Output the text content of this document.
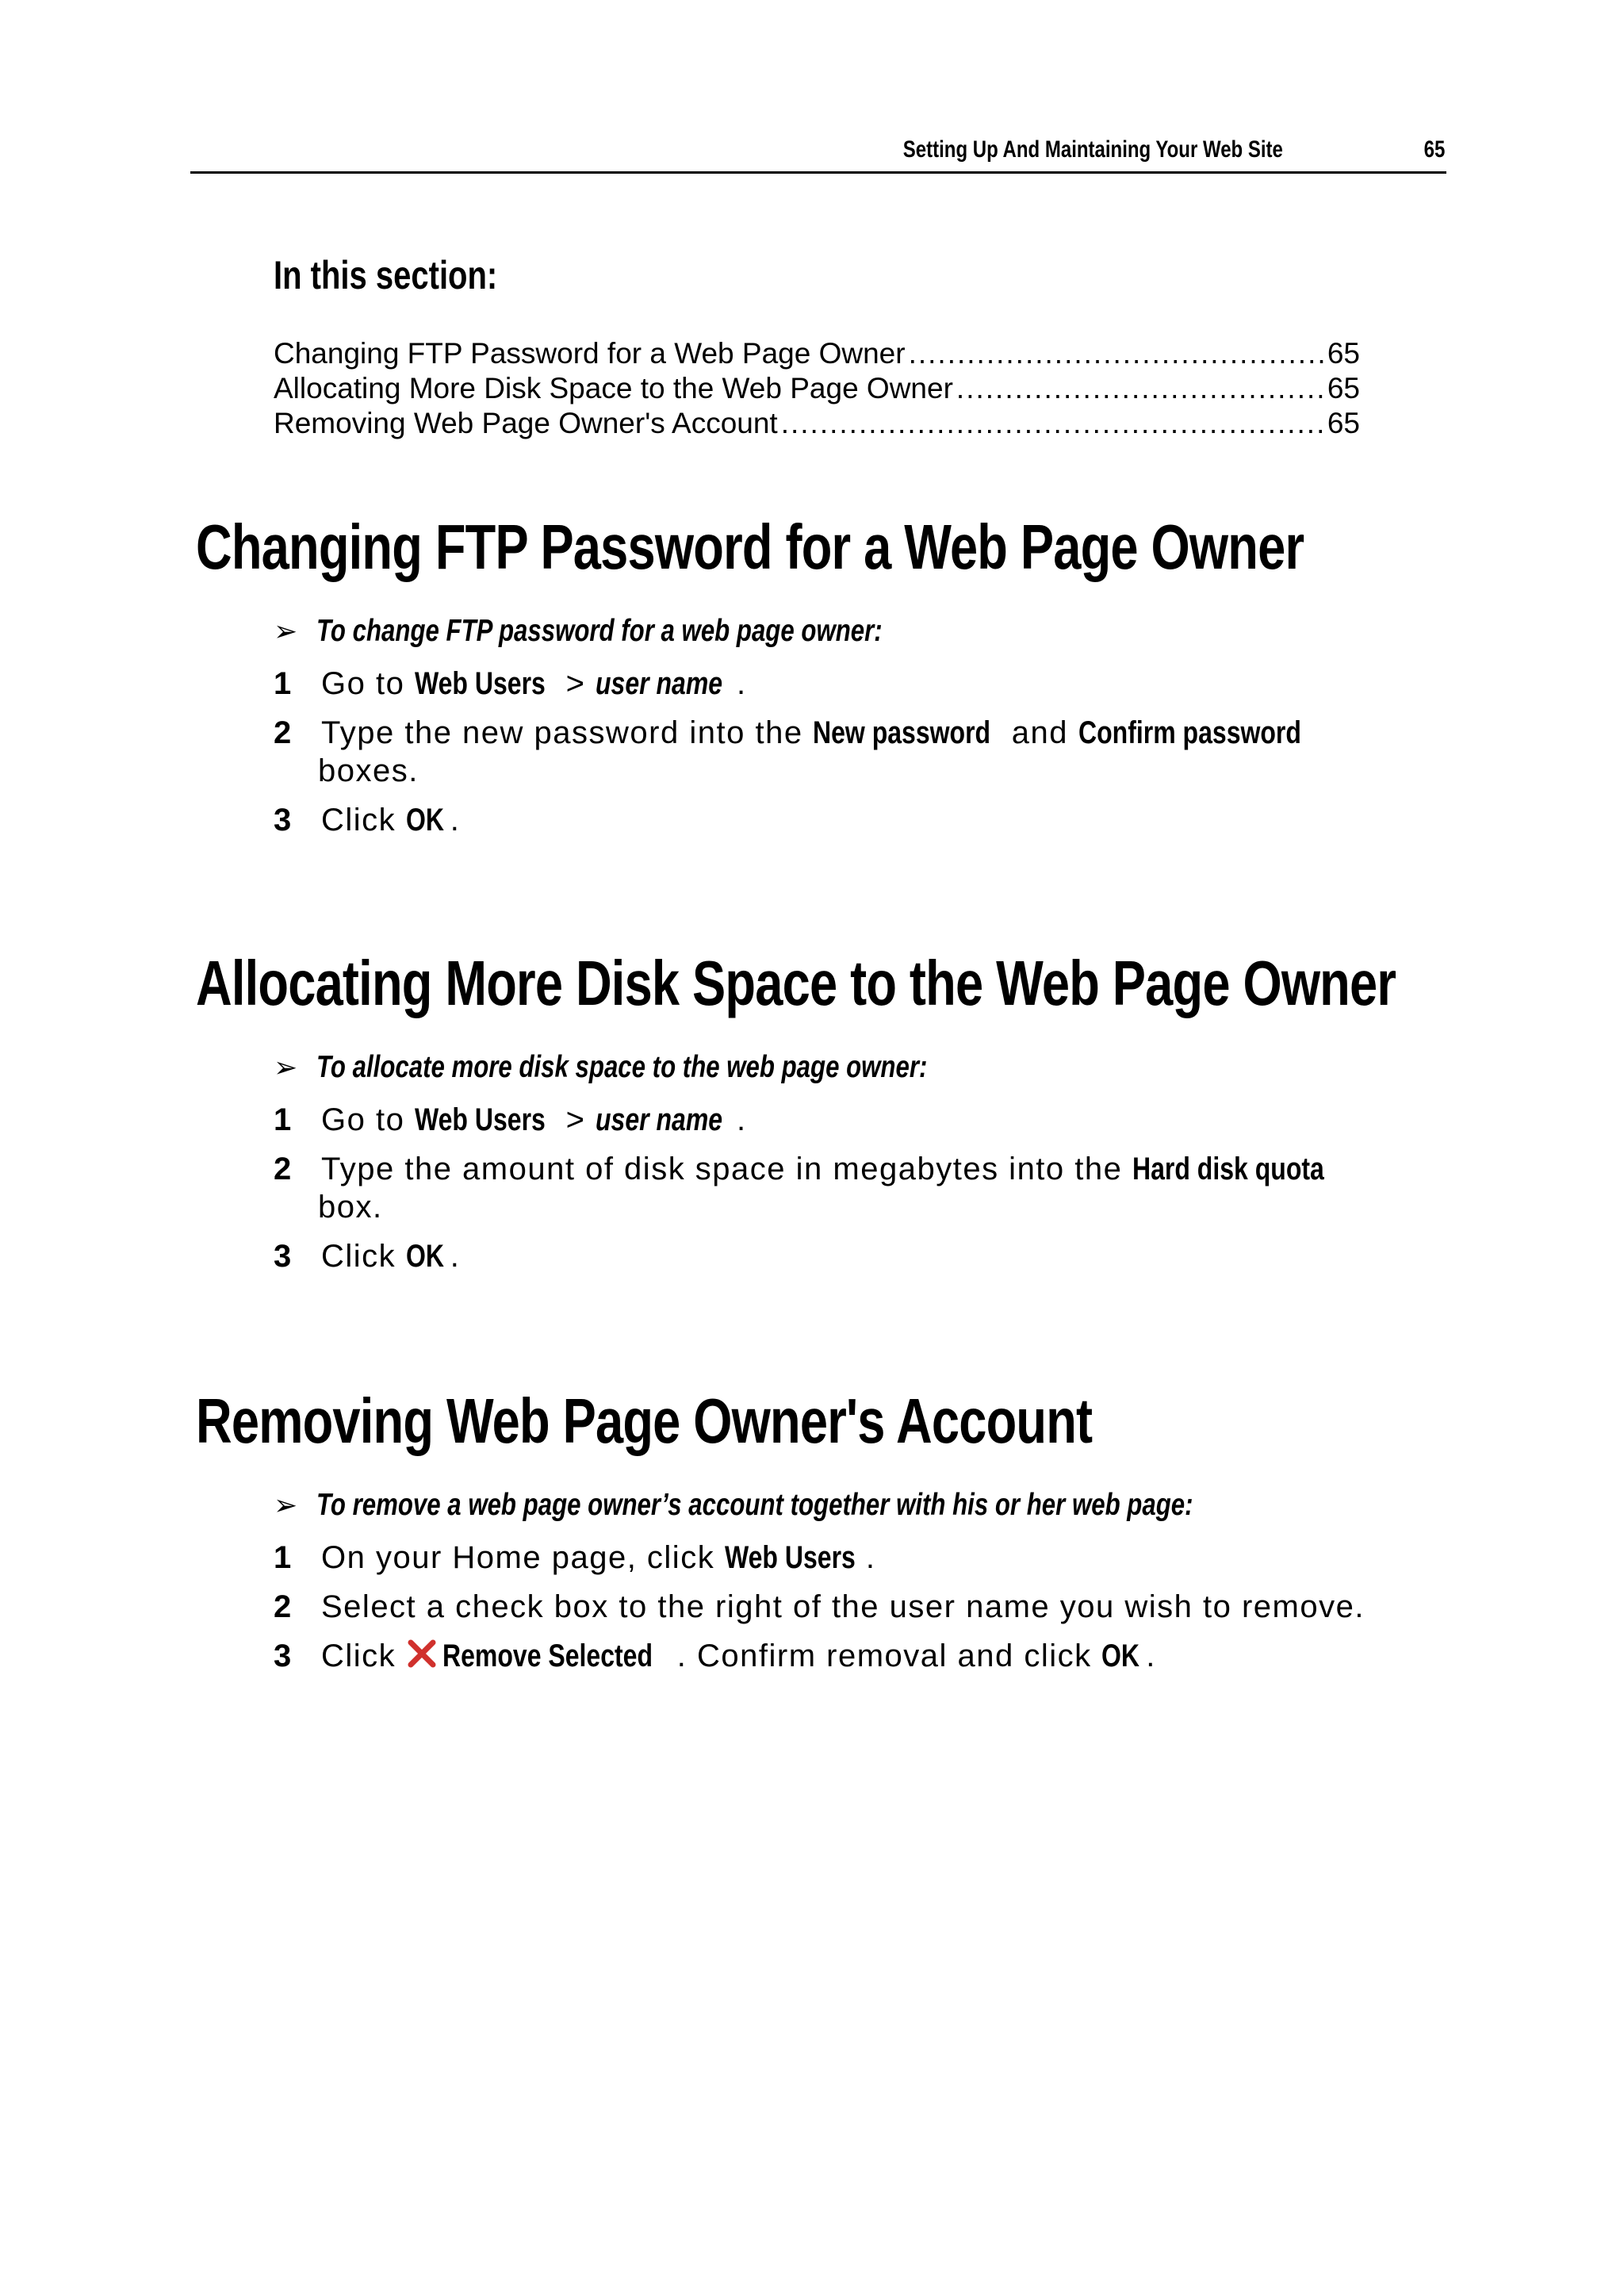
Setting Up And Maintaining Your Web Site	65
In this section:
Changing FTP Password for a Web Page Owner .....	65
Allocating More Disk Space to the Web Page Owner .....	65
Removing Web Page Owner's Account .....	65
Changing FTP Password for a Web Page Owner
➢ To change FTP password for a web page owner:
1 Go to Web Users > user name .
2 Type the new password into the New password and Confirm password
boxes.
3 Click OK .
Allocating More Disk Space to the Web Page Owner
➢ To allocate more disk space to the web page owner:
1 Go to Web Users > user name .
2 Type the amount of disk space in megabytes into the Hard disk quota
box.
3 Click OK .
Removing Web Page Owner's Account
➢ To remove a web page owner’s account together with his or her web page:
1 On your Home page, click Web Users .
2 Select a check box to the right of the user name you wish to remove.
3 Click Remove Selected . Confirm removal and click OK .
